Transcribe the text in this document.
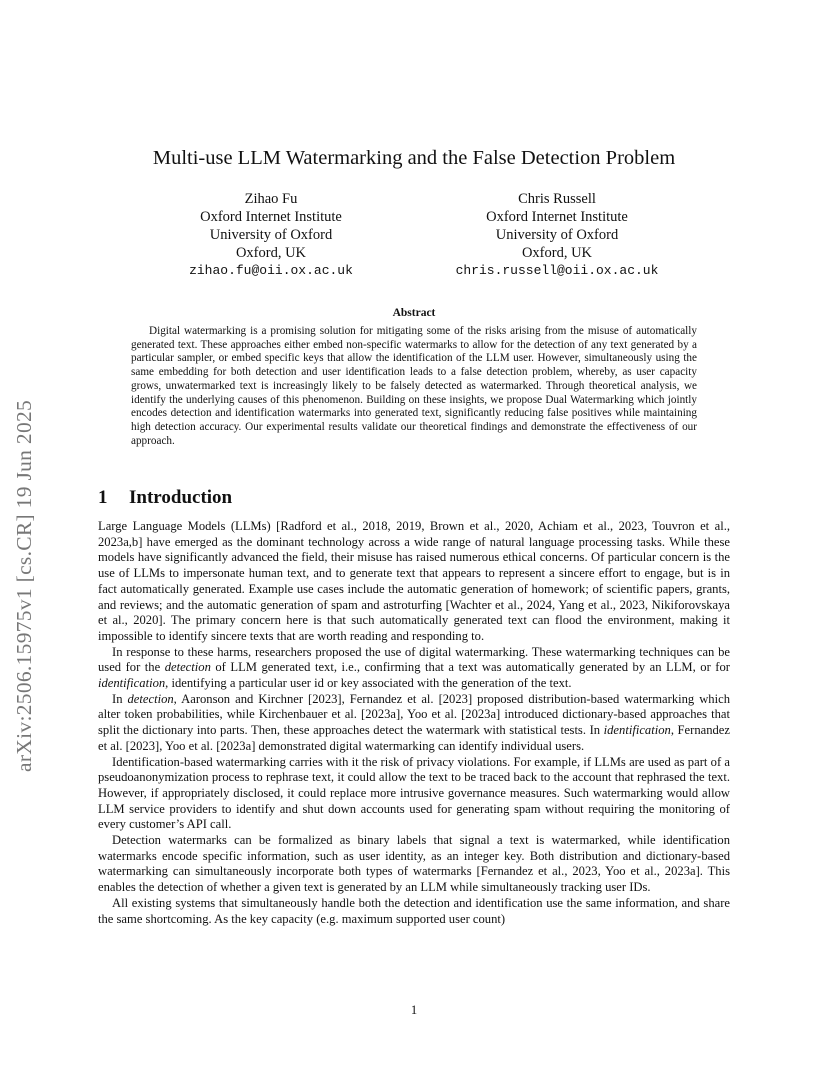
arXiv:2506.15975v1 [cs.CR] 19 Jun 2025
Multi-use LLM Watermarking and the False Detection Problem
Zihao Fu
Oxford Internet Institute
University of Oxford
Oxford, UK
zihao.fu@oii.ox.ac.uk
Chris Russell
Oxford Internet Institute
University of Oxford
Oxford, UK
chris.russell@oii.ox.ac.uk
Abstract

Digital watermarking is a promising solution for mitigating some of the risks arising from the misuse of automatically generated text. These approaches either embed non-specific watermarks to allow for the detection of any text generated by a particular sampler, or embed specific keys that allow the identification of the LLM user. However, simultaneously using the same embedding for both detection and user identification leads to a false detection problem, whereby, as user capacity grows, unwatermarked text is increasingly likely to be falsely detected as watermarked. Through theoretical analysis, we identify the underlying causes of this phenomenon. Building on these insights, we propose Dual Watermarking which jointly encodes detection and identification watermarks into generated text, significantly reducing false positives while maintaining high detection accuracy. Our experimental results validate our theoretical findings and demonstrate the effectiveness of our approach.

1 Introduction

Large Language Models (LLMs) [Radford et al., 2018, 2019, Brown et al., 2020, Achiam et al., 2023, Touvron et al., 2023a,b] have emerged as the dominant technology across a wide range of natural language processing tasks. While these models have significantly advanced the field, their misuse has raised numerous ethical concerns. Of particular concern is the use of LLMs to impersonate human text, and to generate text that appears to represent a sincere effort to engage, but is in fact automatically generated. Example use cases include the automatic generation of homework; of scientific papers, grants, and reviews; and the automatic generation of spam and astroturfing [Wachter et al., 2024, Yang et al., 2023, Nikiforovskaya et al., 2020]. The primary concern here is that such automatically generated text can flood the environment, making it impossible to identify sincere texts that are worth reading and responding to.

In response to these harms, researchers proposed the use of digital watermarking. These watermarking techniques can be used for the detection of LLM generated text, i.e., confirming that a text was automatically generated by an LLM, or for identification, identifying a particular user id or key associated with the generation of the text.

In detection, Aaronson and Kirchner [2023], Fernandez et al. [2023] proposed distribution-based watermarking which alter token probabilities, while Kirchenbauer et al. [2023a], Yoo et al. [2023a] introduced dictionary-based approaches that split the dictionary into parts. Then, these approaches detect the watermark with statistical tests. In identification, Fernandez et al. [2023], Yoo et al. [2023a] demonstrated digital watermarking can identify individual users.

Identification-based watermarking carries with it the risk of privacy violations. For example, if LLMs are used as part of a pseudoanonymization process to rephrase text, it could allow the text to be traced back to the account that rephrased the text. However, if appropriately disclosed, it could replace more intrusive governance measures. Such watermarking would allow LLM service providers to identify and shut down accounts used for generating spam without requiring the monitoring of every customer’s API call.

Detection watermarks can be formalized as binary labels that signal a text is watermarked, while identification watermarks encode specific information, such as user identity, as an integer key. Both distribution and dictionary-based watermarking can simultaneously incorporate both types of watermarks [Fernandez et al., 2023, Yoo et al., 2023a]. This enables the detection of whether a given text is generated by an LLM while simultaneously tracking user IDs.

All existing systems that simultaneously handle both the detection and identification use the same information, and share the same shortcoming. As the key capacity (e.g. maximum supported user count)

1
